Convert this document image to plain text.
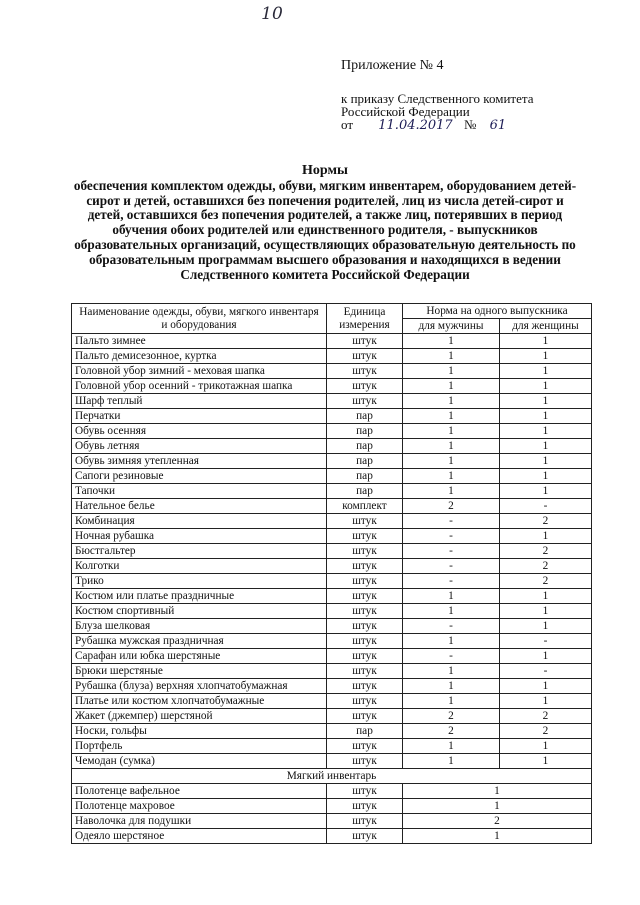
10
Приложение № 4
к приказу Следственного комитета
Российской Федерации
от 11.04.2017 № 61
Нормы
обеспечения комплектом одежды, обуви, мягким инвентарем, оборудованием детей-сирот и детей, оставшихся без попечения родителей, лиц из числа детей-сирот и детей, оставшихся без попечения родителей, а также лиц, потерявших в период обучения обоих родителей или единственного родителя, - выпускников образовательных организаций, осуществляющих образовательную деятельность по образовательным программам высшего образования и находящихся в ведении Следственного комитета Российской Федерации
Наименование одежды, обуви, мягкого инвентаря и оборудования	Единица измерения	Норма на одного выпускника	
		для мужчины	для женщины
Пальто зимнее	штук	1	1
Пальто демисезонное, куртка	штук	1	1
Головной убор зимний - меховая шапка	штук	1	1
Головной убор осенний - трикотажная шапка	штук	1	1
Шарф теплый	штук	1	1
Перчатки	пар	1	1
Обувь осенняя	пар	1	1
Обувь летняя	пар	1	1
Обувь зимняя утепленная	пар	1	1
Сапоги резиновые	пар	1	1
Тапочки	пар	1	1
Нательное белье	комплект	2	-
Комбинация	штук	-	2
Ночная рубашка	штук	-	1
Бюстгальтер	штук	-	2
Колготки	штук	-	2
Трико	штук	-	2
Костюм или платье праздничные	штук	1	1
Костюм спортивный	штук	1	1
Блуза шелковая	штук	-	1
Рубашка мужская праздничная	штук	1	-
Сарафан или юбка шерстяные	штук	-	1
Брюки шерстяные	штук	1	-
Рубашка (блуза) верхняя хлопчатобумажная	штук	1	1
Платье или костюм хлопчатобумажные	штук	1	1
Жакет (джемпер) шерстяной	штук	2	2
Носки, гольфы	пар	2	2
Портфель	штук	1	1
Чемодан (сумка)	штук	1	1
Мягкий инвентарь			
Полотенце вафельное	штук	1	
Полотенце махровое	штук	1	
Наволочка для подушки	штук	2	
Одеяло шерстяное	штук	1	
